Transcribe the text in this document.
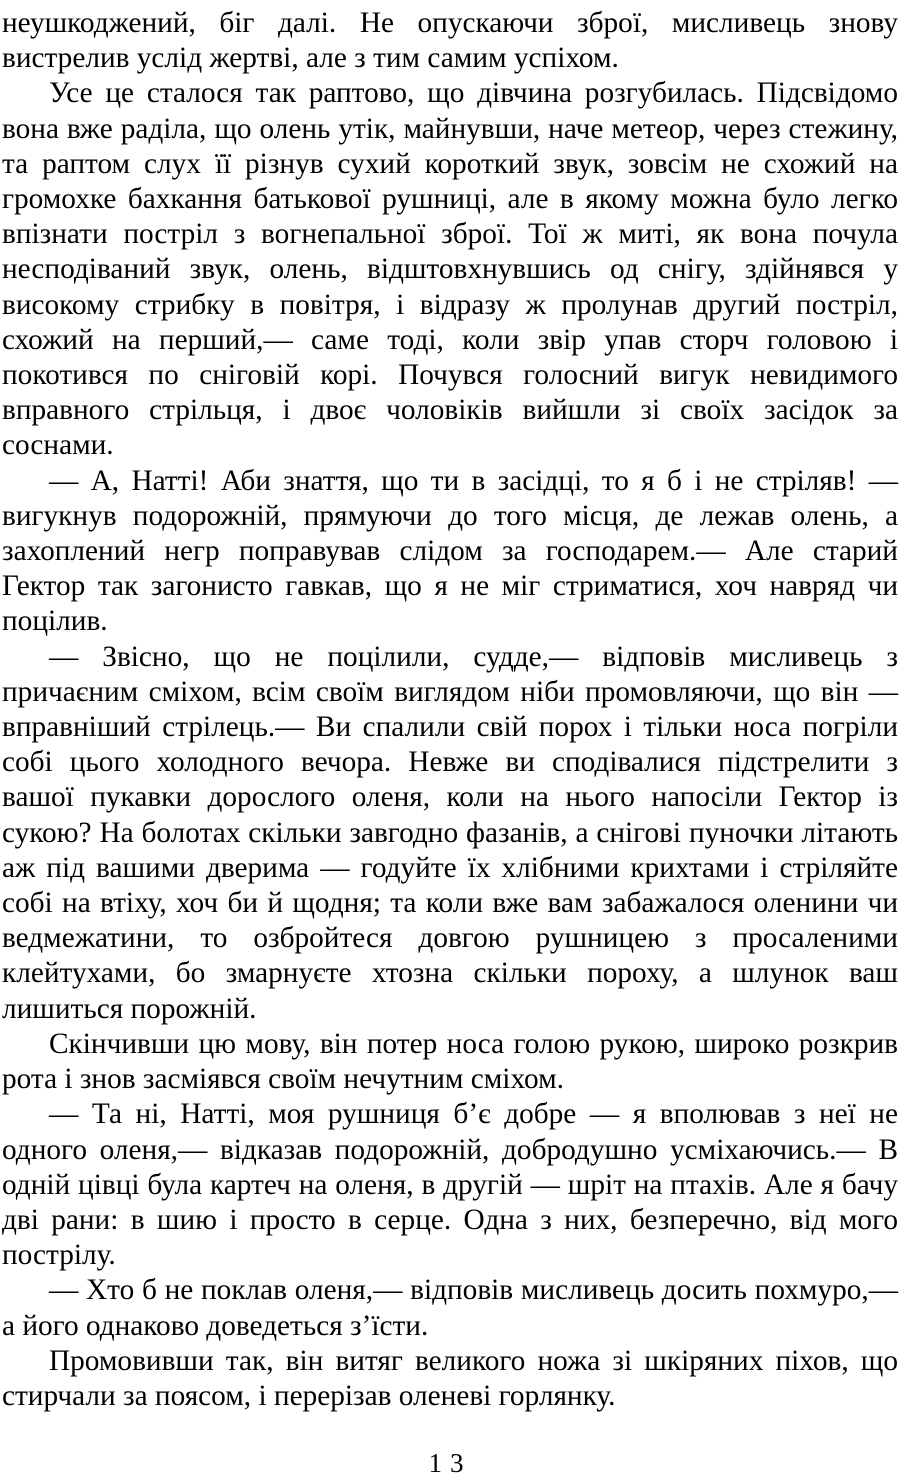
неушкоджений, біг далі. Не опускаючи зброї, мисливець знову вистрелив услід жертві, але з тим самим успіхом.

Усе це сталося так раптово, що дівчина розгубилась. Підсвідомо вона вже раділа, що олень утік, майнувши, наче метеор, через стежину, та раптом слух її різнув сухий короткий звук, зовсім не схожий на громохке бахкання батькової рушниці, але в якому можна було легко впізнати постріл з вогнепальної зброї. Тої ж миті, як вона почула несподіваний звук, олень, відштовхнувшись од снігу, здійнявся у високому стрибку в повітря, і відразу ж пролунав другий постріл, схожий на перший,— саме тоді, коли звір упав сторч головою і покотився по сніговій корі. Почувся голосний вигук невидимого вправного стрільця, і двоє чоловіків вийшли зі своїх засідок за соснами.

— А, Натті! Аби знаття, що ти в засідці, то я б і не стріляв! — вигукнув подорожній, прямуючи до того місця, де лежав олень, а захоплений негр поправував слідом за господарем.— Але старий Гектор так загонисто гавкав, що я не міг стриматися, хоч навряд чи поцілив.

— Звісно, що не поцілили, судде,— відповів мисливець з причаєним сміхом, всім своїм виглядом ніби промовляючи, що він — вправніший стрілець.— Ви спалили свій порох і тільки носа погріли собі цього холодного вечора. Невже ви сподівалися підстрелити з вашої пукавки дорослого оленя, коли на нього напосіли Гектор із сукою? На болотах скільки завгодно фазанів, а снігові пуночки літають аж під вашими дверима — годуйте їх хлібними крихтами і стріляйте собі на втіху, хоч би й щодня; та коли вже вам забажалося оленини чи ведмежатини, то озбройтеся довгою рушницею з просаленими клейтухами, бо змарнуєте хтозна скільки пороху, а шлунок ваш лишиться порожній.

Скінчивши цю мову, він потер носа голою рукою, широко розкрив рота і знов засміявся своїм нечутним сміхом.

— Та ні, Натті, моя рушниця б’є добре — я вполював з неї не одного оленя,— відказав подорожній, добродушно усміхаючись.— В одній цівці була картеч на оленя, в другій — шріт на птахів. Але я бачу дві рани: в шию і просто в серце. Одна з них, безперечно, від мого пострілу.

— Хто б не поклав оленя,— відповів мисливець досить похмуро,— а його однаково доведеться з’їсти.

Промовивши так, він витяг великого ножа зі шкіряних піхов, що стирчали за поясом, і перерізав оленеві горлянку.

13
